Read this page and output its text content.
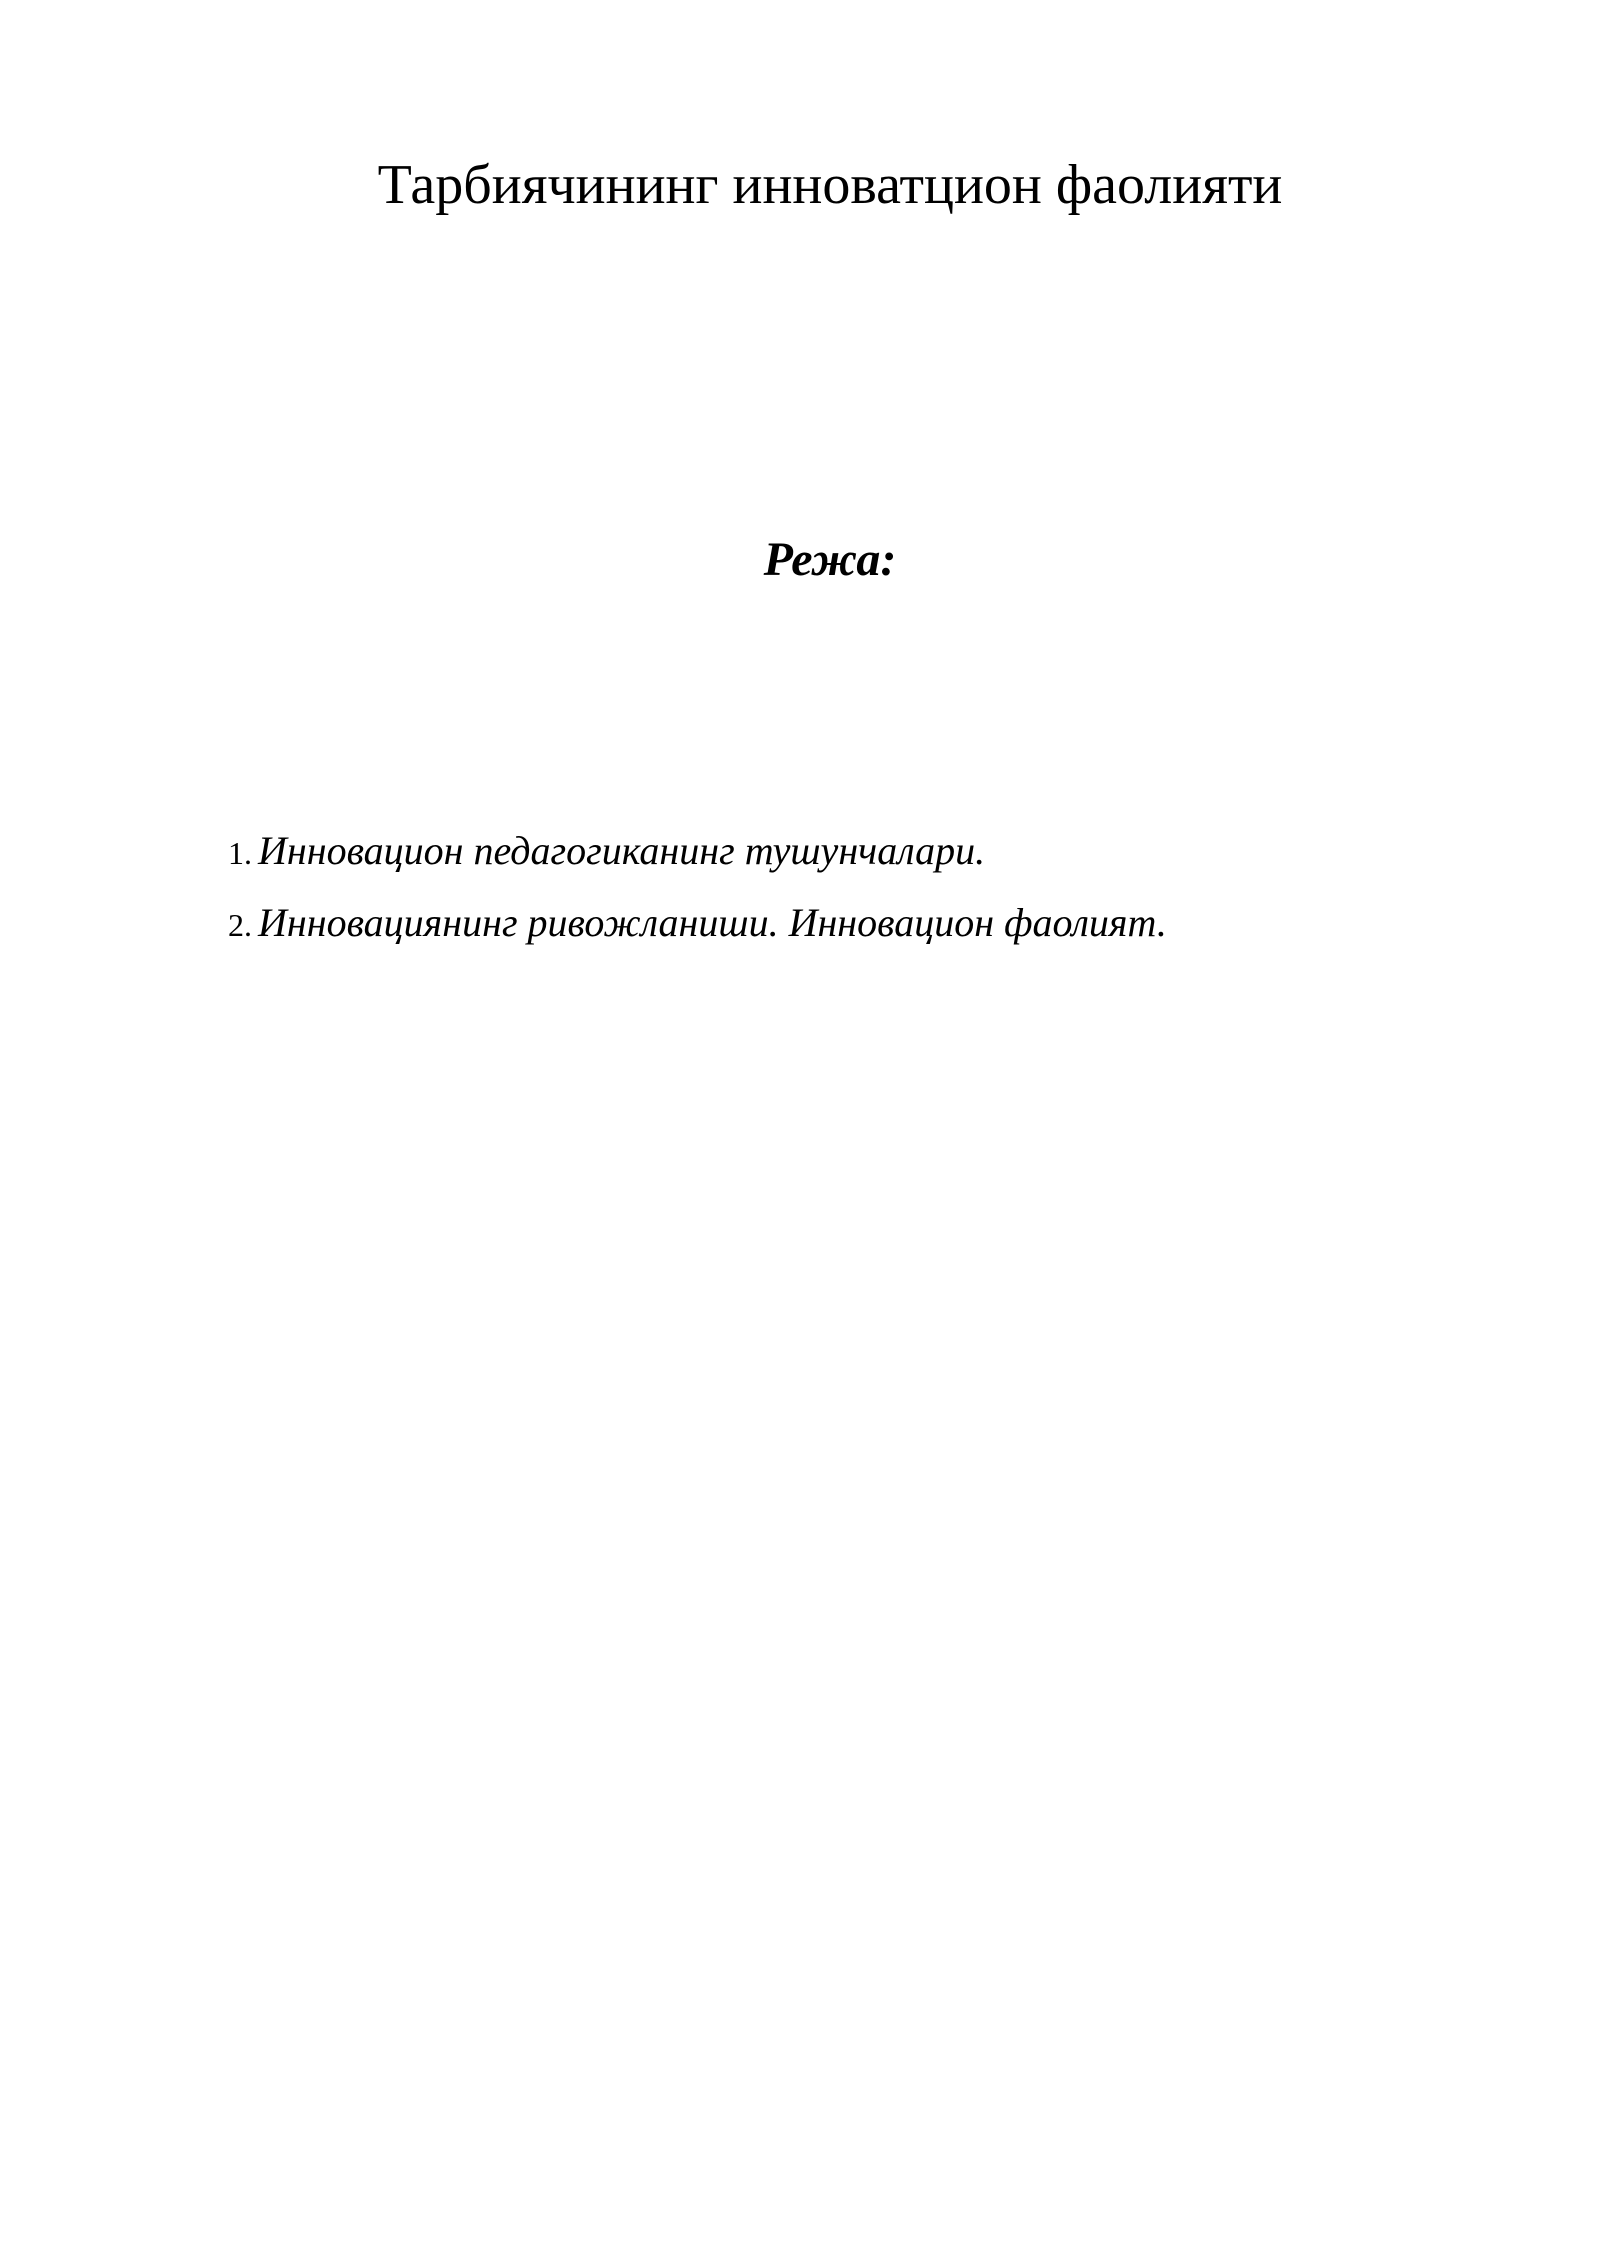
Тарбиячининг инноватцион фаолияти
Режа:
1. Инновацион педагогиканинг тушунчалари.
2. Инновациянинг ривожланиши. Инновацион фаолият.
